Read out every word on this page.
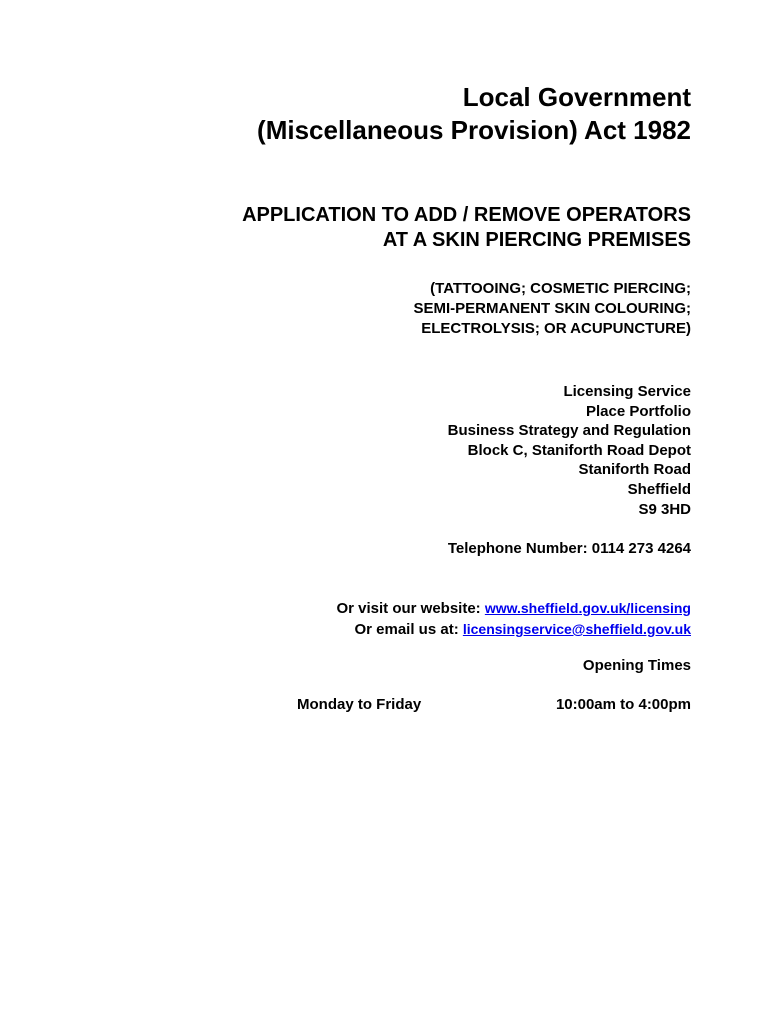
Local Government
(Miscellaneous Provision) Act 1982
APPLICATION TO ADD / REMOVE OPERATORS
AT A SKIN PIERCING PREMISES
(TATTOOING; COSMETIC PIERCING;
SEMI-PERMANENT SKIN COLOURING;
ELECTROLYSIS; OR ACUPUNCTURE)
Licensing Service
Place Portfolio
Business Strategy and Regulation
Block C, Staniforth Road Depot
Staniforth Road
Sheffield
S9 3HD
Telephone Number: 0114 273 4264
Or visit our website: www.sheffield.gov.uk/licensing
Or email us at: licensingservice@sheffield.gov.uk
Opening Times
Monday to Friday	10:00am to 4:00pm
